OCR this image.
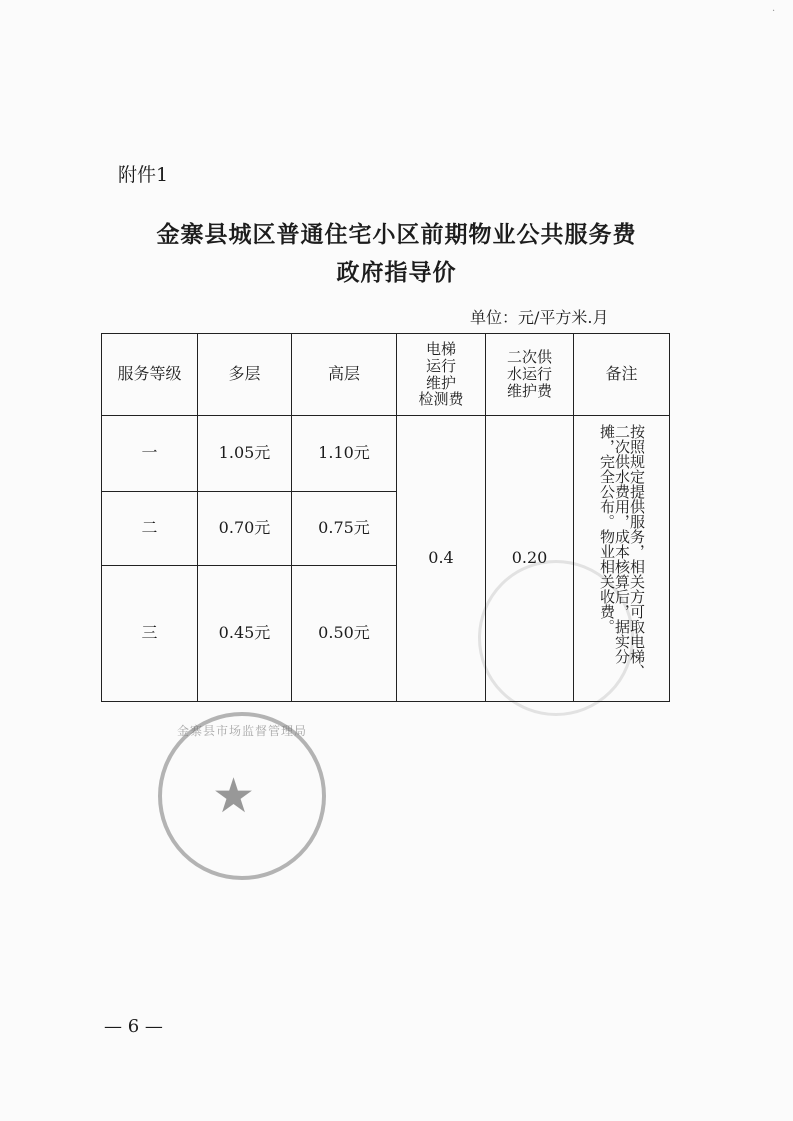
·
附件1
金寨县城区普通住宅小区前期物业公共服务费
政府指导价
单位：元/平方米.月
服务等级	多层	高层	电梯
运行
维护
检测费	二次供
水运行
维护费	备注
一	1.05元	1.10元	0.4	0.20	按照规定提供服务，相关方可取电梯、二次供水费用，成本核算后，据实分摊，完全公布。物业相关收费。
二	0.70元	0.75元			
三	0.45元	0.50元			
金寨县市场监督管理局
★
— 6 —
